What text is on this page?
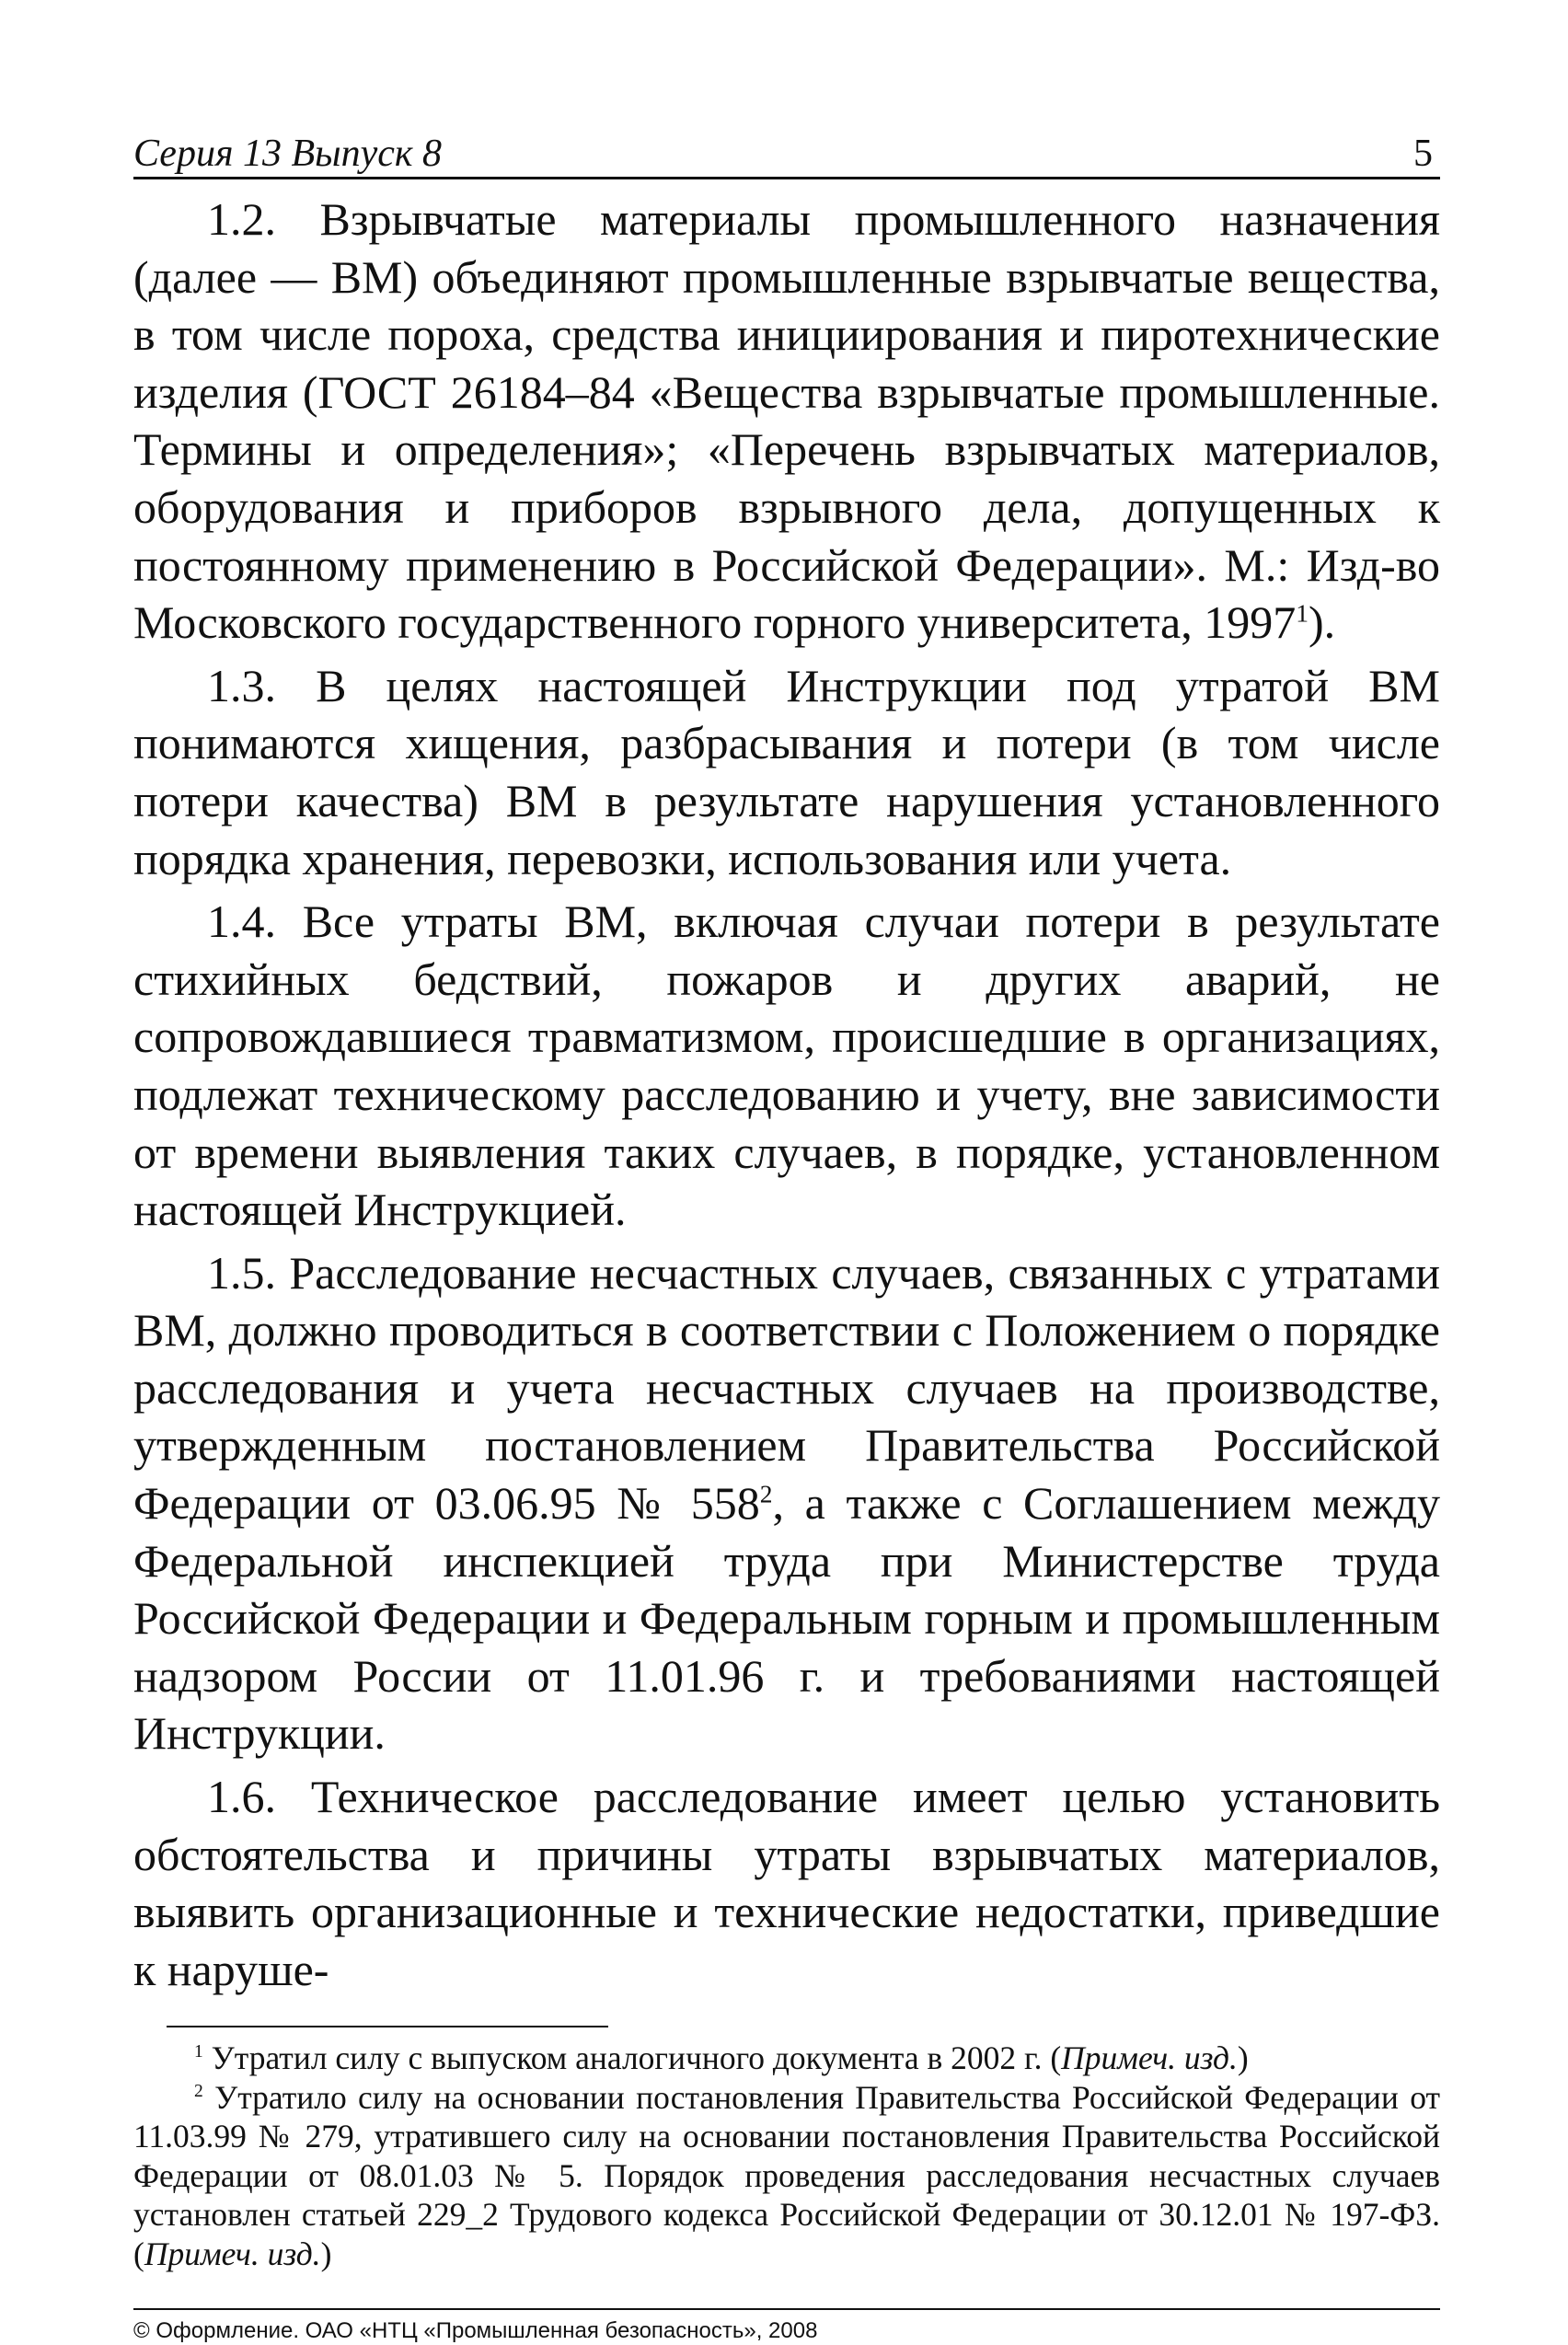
Серия 13 Выпуск 8	5

1.2. Взрывчатые материалы промышленного назначения (далее — ВМ) объединяют промышленные взрывчатые вещества, в том числе пороха, средства инициирования и пиротехнические изделия (ГОСТ 26184–84 «Вещества взрывчатые промышленные. Термины и определения»; «Перечень взрывчатых материалов, оборудования и приборов взрывного дела, допущенных к постоянному применению в Российской Федерации». М.: Изд-во Московского государственного горного университета, 1997$^1$).

1.3. В целях настоящей Инструкции под утратой ВМ понимаются хищения, разбрасывания и потери (в том числе потери качества) ВМ в результате нарушения установленного порядка хранения, перевозки, использования или учета.

1.4. Все утраты ВМ, включая случаи потери в результате стихийных бедствий, пожаров и других аварий, не сопровождавшиеся травматизмом, происшедшие в организациях, подлежат техническому расследованию и учету, вне зависимости от времени выявления таких случаев, в порядке, установленном настоящей Инструкцией.

1.5. Расследование несчастных случаев, связанных с утратами ВМ, должно проводиться в соответствии с Положением о порядке расследования и учета несчастных случаев на производстве, утвержденным постановлением Правительства Российской Федерации от 03.06.95 № $558^2$, а также с Соглашением между Федеральной инспекцией труда при Министерстве труда Российской Федерации и Федеральным горным и промышленным надзором России от 11.01.96 г. и требованиями настоящей Инструкции.

1.6. Техническое расследование имеет целью установить обстоятельства и причины утраты взрывчатых материалов, выявить организационные и технические недостатки, приведшие к наруше-

$^1$ Утратил силу с выпуском аналогичного документа в 2002 г. (Примеч. изд.)

$^2$ Утратило силу на основании постановления Правительства Российской Федерации от 11.03.99 № 279, утратившего силу на основании постановления Правительства Российской Федерации от 08.01.03 № 5. Порядок проведения расследования несчастных случаев установлен статьей 229_2 Трудового кодекса Российской Федерации от 30.12.01 № 197-ФЗ. (Примеч. изд.)

© Оформление. ОАО «НТЦ «Промышленная безопасность», 2008
